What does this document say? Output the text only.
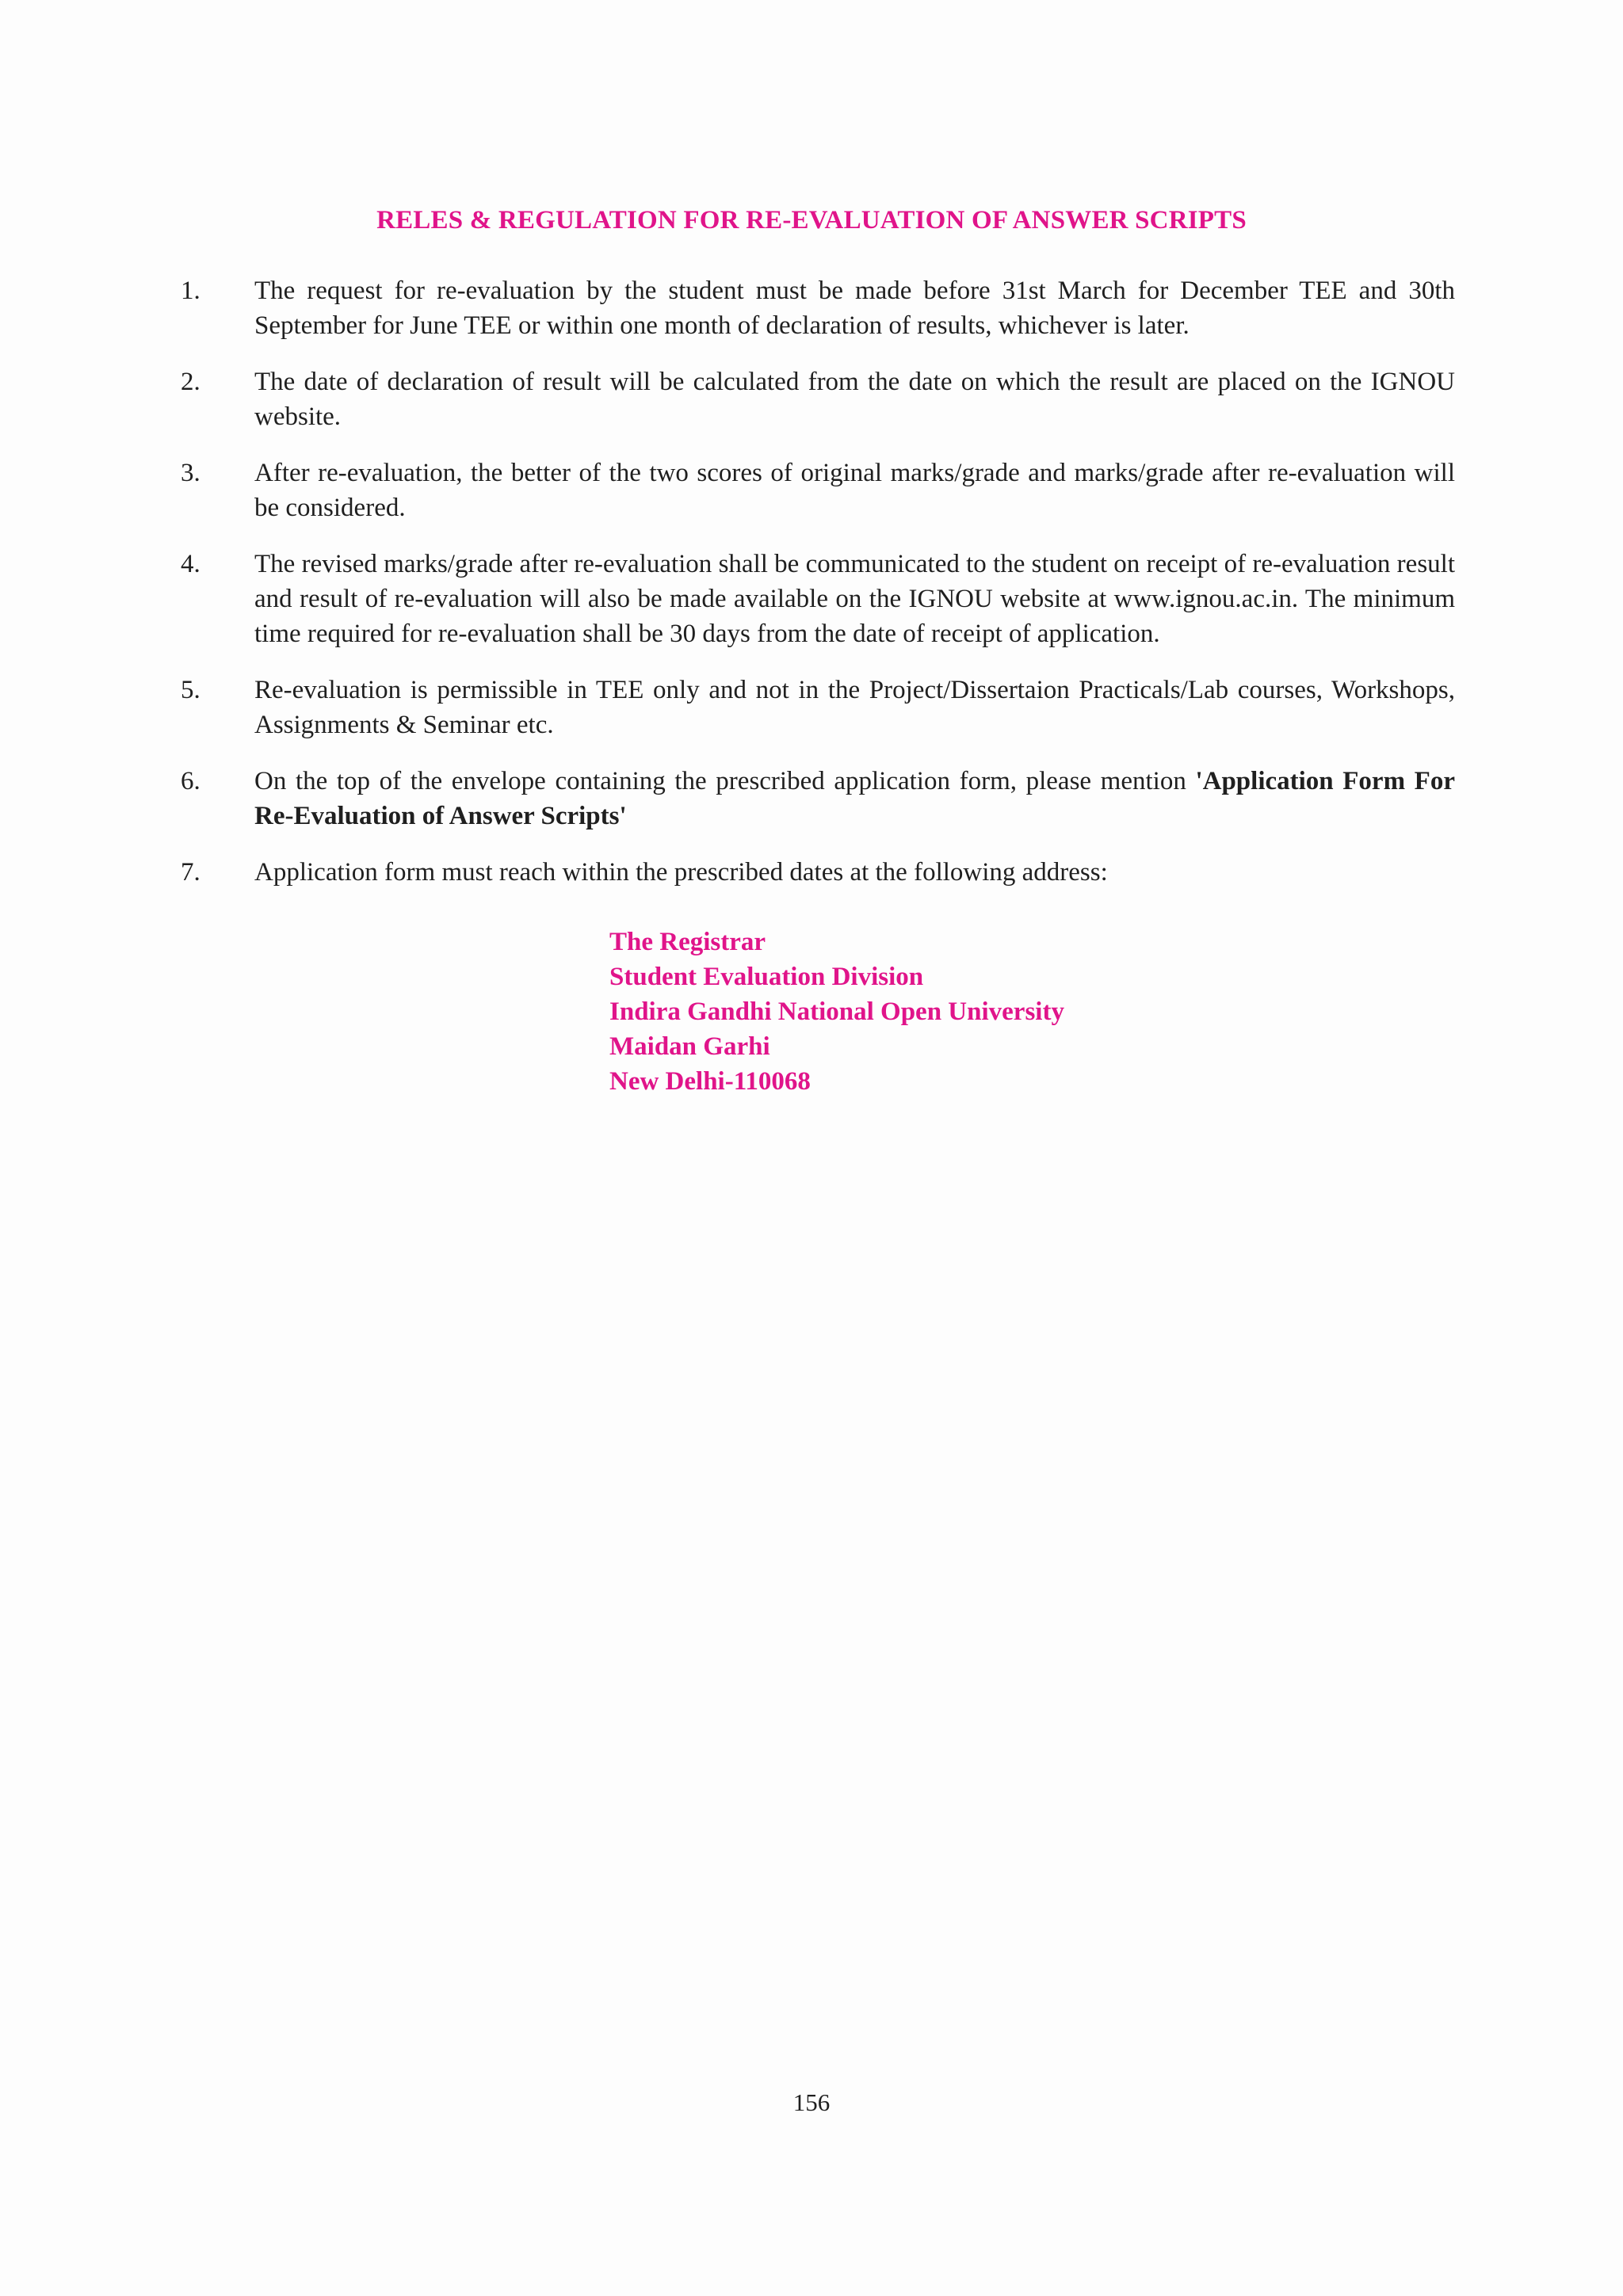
RELES & REGULATION FOR RE-EVALUATION OF ANSWER SCRIPTS
1. The request for re-evaluation by the student must be made before 31st March for December TEE and 30th September for June TEE or within one month of declaration of results, whichever is later.
2. The date of declaration of result will be calculated from the date on which the result are placed on the IGNOU website.
3. After re-evaluation, the better of the two scores of original marks/grade and marks/grade after re-evaluation will be considered.
4. The revised marks/grade after re-evaluation shall be communicated to the student on receipt of re-evaluation result and result of re-evaluation will also be made available on the IGNOU website at www.ignou.ac.in. The minimum time required for re-evaluation shall be 30 days from the date of receipt of application.
5. Re-evaluation is permissible in TEE only and not in the Project/Dissertaion Practicals/Lab courses, Workshops, Assignments & Seminar etc.
6. On the top of the envelope containing the prescribed application form, please mention 'Application Form For Re-Evaluation of Answer Scripts'
7. Application form must reach within the prescribed dates at the following address:
The Registrar
Student Evaluation Division
Indira Gandhi National Open University
Maidan Garhi
New Delhi-110068
156
